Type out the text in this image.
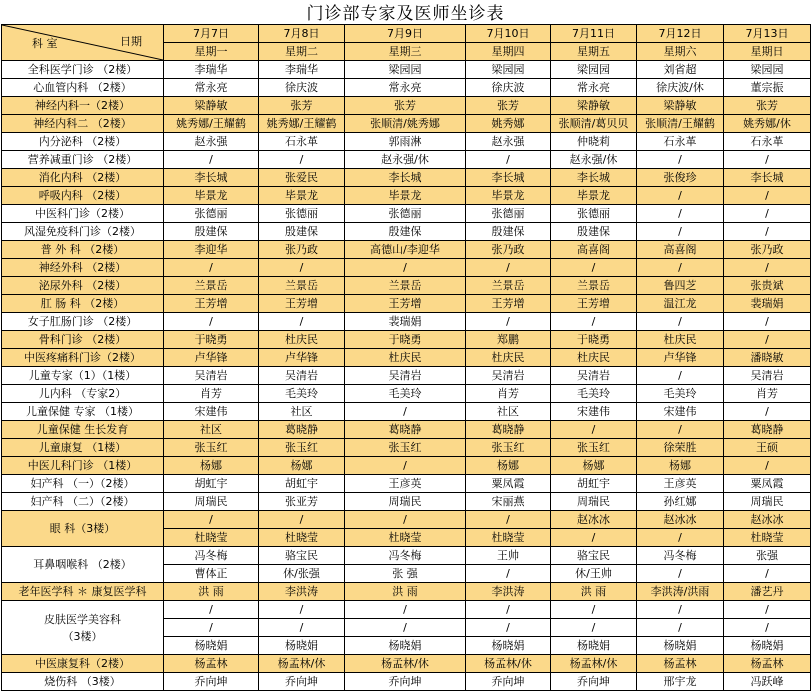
门诊部专家及医师坐诊表
科 室 日期	7月7日	7月8日	7月9日	7月10日	7月11日	7月12日	7月13日
	星期一	星期二	星期三	星期四	星期五	星期六	星期日
全科医学门诊 （2楼）	李瑞华	李瑞华	梁园园	梁园园	梁园园	刘省超	梁园园
心血管内科 （2楼）	常永亮	徐庆波	常永亮	徐庆波	常永亮	徐庆波/休	董宗振
神经内科一（2楼）	梁静敏	张芳	张芳	张芳	梁静敏	梁静敏	张芳
神经内科二 （2楼）	姚秀娜/王耀鹤	姚秀娜/王耀鹤	张顺清/姚秀娜	姚秀娜	张顺清/葛贝贝	张顺清/王耀鹤	姚秀娜/休
内分泌科 （2楼）	赵永强	石永革	郭雨淋	赵永强	仲晓莉	石永革	石永革
营养减重门诊 （2楼）	/	/	赵永强/休	/	赵永强/休	/	/
消化内科 （2楼）	李长城	张爱民	李长城	李长城	李长城	张俊珍	李长城
呼吸内科 （2楼）	毕景龙	毕景龙	毕景龙	毕景龙	毕景龙	/	/
中医科门诊（2楼）	张德丽	张德丽	张德丽	张德丽	张德丽	/	/
风湿免疫科门诊（2楼）	殷建保	殷建保	殷建保	殷建保	殷建保	/	/
普 外 科 （2楼）	李迎华	张乃政	高德山/李迎华	张乃政	高喜阁	高喜阁	张乃政
神经外科 （2楼）	/	/	/	/	/	/	/
泌尿外科 （2楼）	兰景岳	兰景岳	兰景岳	兰景岳	兰景岳	鲁四芝	张贵斌
肛 肠 科 （2楼）	王芳增	王芳增	王芳增	王芳增	王芳增	温江龙	裴瑞娟
女子肛肠门诊 （2楼）	/	/	裴瑞娟	/	/	/	/
骨科门诊 （2楼）	于晓勇	杜庆民	于晓勇	郑鹏	于晓勇	杜庆民	/
中医疼痛科门诊（2楼）	卢华锋	卢华锋	杜庆民	杜庆民	杜庆民	卢华锋	潘晓敏
儿童专家（1）（1楼）	吴清岩	吴清岩	吴清岩	吴清岩	吴清岩	/	吴清岩
儿内科 （专家2）	肖芳	毛美玲	毛美玲	肖芳	毛美玲	毛美玲	肖芳
儿童保健 专家 （1楼）	宋建伟	社区	/	社区	宋建伟	宋建伟	/
儿童保健 生长发育	社区	葛晓静	葛晓静	葛晓静	/	/	葛晓静
儿童康复 （1楼）	张玉红	张玉红	张玉红	张玉红	张玉红	徐荣胜	王硕
中医儿科门诊 （1楼）	杨娜	杨娜	/	杨娜	杨娜	杨娜	/
妇产科 （一）（2楼）	胡虹宇	胡虹宇	王彦英	粟凤霞	胡虹宇	王彦英	粟凤霞
妇产科 （二）（2楼）	周瑞民	张亚芳	周瑞民	宋丽燕	周瑞民	孙红娜	周瑞民
眼 科（3楼）	/	/	/	/	赵冰冰	赵冰冰	赵冰冰
	杜晓莹	杜晓莹	杜晓莹	杜晓莹	/	/	杜晓莹
耳鼻咽喉科 （2楼）	冯冬梅	骆宝民	冯冬梅	王帅	骆宝民	冯冬梅	张强
	曹体正	休/张强	张 强	/	休/王帅	/	/
老年医学科 ＊ 康复医学科	洪 雨	李洪涛	洪 雨	李洪涛	洪 雨	李洪涛/洪雨	潘艺丹

皮肤医学美容科
（3楼）	/	/	/	/	/	/	/
	/	/	/	/	/	/	/
	杨晓娟	杨晓娟	杨晓娟	杨晓娟	杨晓娟	杨晓娟	杨晓娟
中医康复科（2楼）	杨孟林	杨孟林/休	杨孟林/休	杨孟林/休	杨孟林/休	杨孟林	杨孟林
烧伤科 （3楼）	乔向坤	乔向坤	乔向坤	乔向坤	乔向坤	邢宇龙	冯跃峰
